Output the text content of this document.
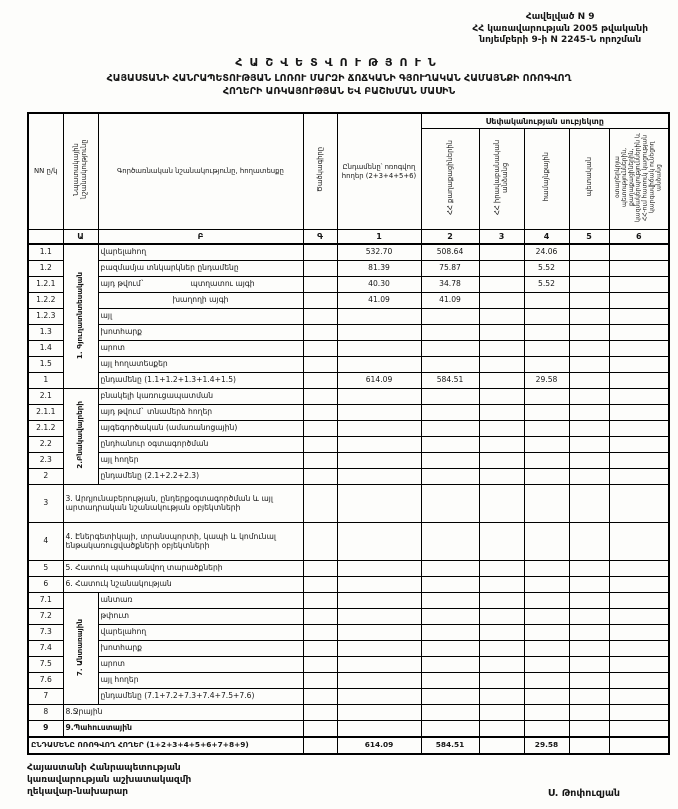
Հավելված N 9
ՀՀ կառավարության 2005 թվականի
նոյեմբերի 9-ի N 2245-Ն որոշման
ՀԱՇՎԵՏՎՈՒԹՅՈՒՆ
ՀԱՅԱՍՏԱՆԻ ՀԱՆՐԱՊԵՏՈՒԹՅԱՆ ԼՈՌՈՒ ՄԱՐԶԻ ՃՈՃԿԱՆԻ ԳՅՈՒՂԱԿԱՆ ՀԱՄԱՅՆՔԻ ՈՌՈԳՎՈՂ
ՀՈՂԵՐԻ ԱՌԿԱՅՈՒԹՅԱՆ ԵՎ ԲԱՇԽՄԱՆ ՄԱՍԻՆ
NN ը/կ	Նպատակային նշանակությունը	Գործառնական նշանակությունը, հողատեսքը	Ծածկագիրը	Ընդամենը՝ ոռոգվող հողեր (2+3+4+5+6)	Սեփականության սուբյեկտը				
					ՀՀ քաղաքացիներին	ՀՀ իրավաբանական անձանց	համայնքային	պետական	օտարերկրյա պետություններին, քաղաքացիներին, կազմակերպություններին և ՀՀ-ում հատուկ կացության կարգավիճակ ունեցող անձանց
	Ա	Բ	Գ	1	2	3	4	5	6
1.1	1. Գյուղատնտեսական	վարելահող		532.70	508.64		24.06		
1.2		բազմամյա տնկարկներ ընդամենը		81.39	75.87		5.52		
1.2.1		այդ թվում` պտղատու այգի		40.30	34.78		5.52		
1.2.2		խաղողի այգի		41.09	41.09				
1.2.3		այլ							
1.3		խոտհարք							
1.4		արոտ							
1.5		այլ հողատեսքեր							
1		ընդամենը (1.1+1.2+1.3+1.4+1.5)		614.09	584.51		29.58		
2.1	2.Բնակավայրերի	բնակելի կառուցապատման							
2.1.1		այդ թվում` տնամերձ հողեր							
2.1.2		այգեգործական (ամառանոցային)							
2.2		ընդհանուր օգտագործման							
2.3		այլ հողեր							
2		ընդամենը (2.1+2.2+2.3)							
3	3. Արդյունաբերության, ընդերքօգտագործման և այլ արտադրական նշանակության օբյեկտների								
4	4. Էներգետիկայի, տրանսպորտի, կապի և կոմունալ ենթակառուցվածքների օբյեկտների								
5	5. Հատուկ պահպանվող տարածքների								
6	6. Հատուկ նշանակության								
7.1	7. Անտառային	անտառ							
7.2		թփուտ							
7.3		վարելահող							
7.4		խոտհարք							
7.5		արոտ							
7.6		այլ հողեր							
7		ընդամենը (7.1+7.2+7.3+7.4+7.5+7.6)							
8	8.Ջրային								
9	9.Պահուստային								
ԸՆԴԱՄԵՆԸ ՈՌՈԳՎՈՂ ՀՈՂԵՐ (1+2+3+4+5+6+7+8+9)				614.09	584.51		29.58		
Հայաստանի Հանրապետության
կառավարության աշխատակազմի
ղեկավար-նախարար	Ս. Թոփուզյան
